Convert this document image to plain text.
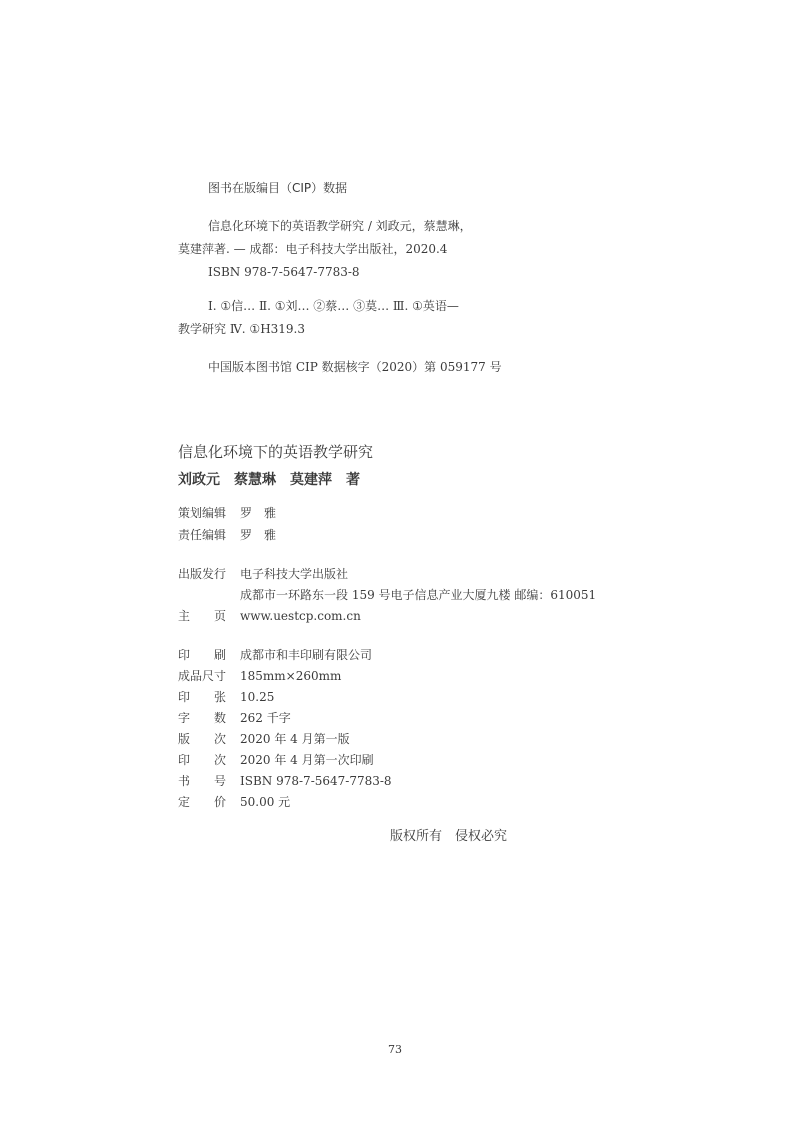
图书在版编目（CIP）数据
信息化环境下的英语教学研究 / 刘政元，蔡慧琳，
莫建萍著. — 成都：电子科技大学出版社，2020.4
ISBN 978-7-5647-7783-8
Ⅰ. ①信… Ⅱ. ①刘… ②蔡… ③莫… Ⅲ. ①英语—
教学研究 Ⅳ. ①H319.3
中国版本图书馆 CIP 数据核字（2020）第 059177 号
信息化环境下的英语教学研究
刘政元　蔡慧琳　莫建萍　著
策划编辑 罗　雅
责任编辑 罗　雅
出版发行 电子科技大学出版社
成都市一环路东一段 159 号电子信息产业大厦九楼 邮编：610051
主　　页 www.uestcp.com.cn
印　　刷 成都市和丰印刷有限公司
成品尺寸 185mm×260mm
印　　张 10.25
字　　数 262 千字
版　　次 2020 年 4 月第一版
印　　次 2020 年 4 月第一次印刷
书　　号 ISBN 978-7-5647-7783-8
定　　价 50.00 元
版权所有　侵权必究
73
